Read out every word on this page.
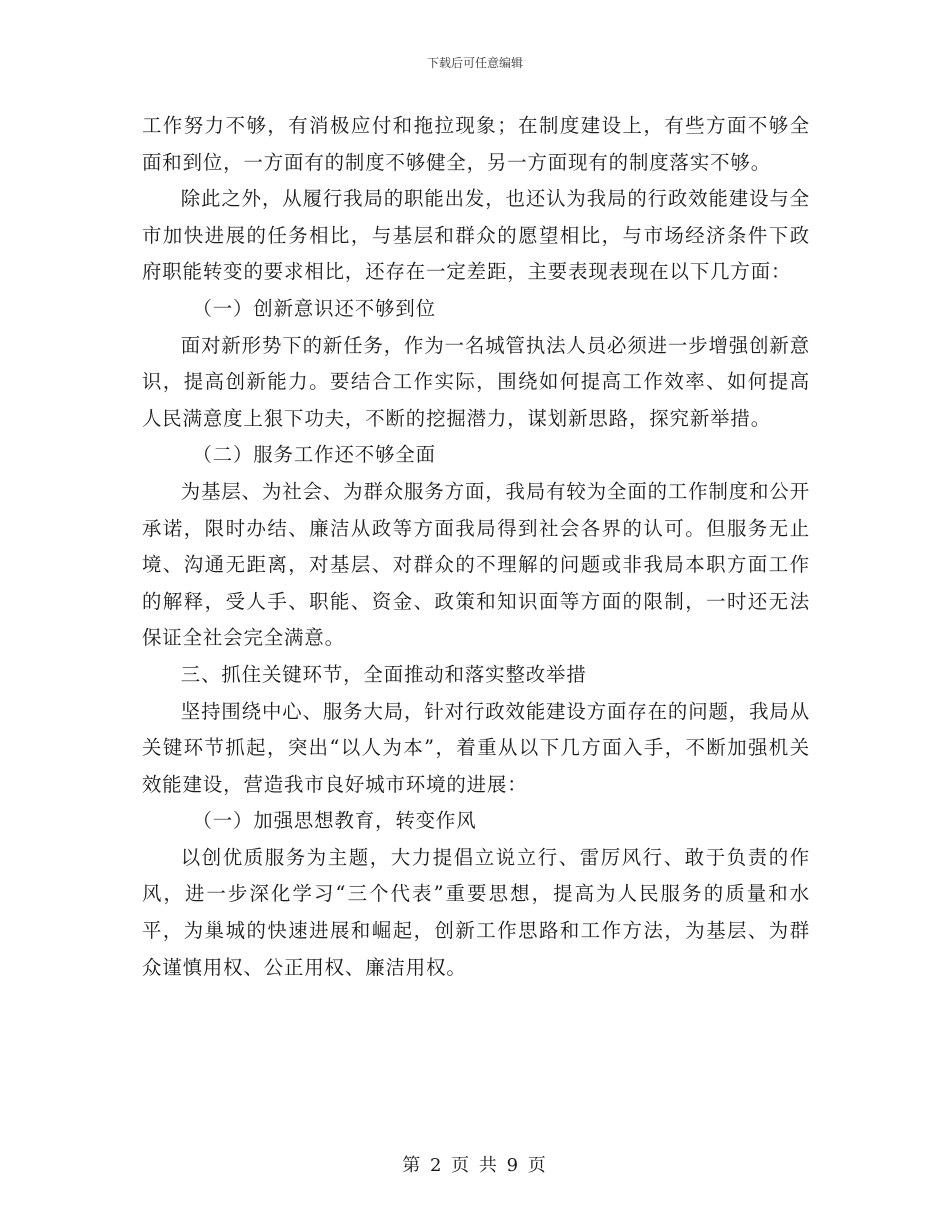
下载后可任意编辑

工作努力不够，有消极应付和拖拉现象；在制度建设上，有些方面不够全面和到位，一方面有的制度不够健全，另一方面现有的制度落实不够。

除此之外，从履行我局的职能出发，也还认为我局的行政效能建设与全市加快进展的任务相比，与基层和群众的愿望相比，与市场经济条件下政府职能转变的要求相比，还存在一定差距，主要表现表现在以下几方面：

（一）创新意识还不够到位

面对新形势下的新任务，作为一名城管执法人员必须进一步增强创新意识，提高创新能力。要结合工作实际，围绕如何提高工作效率、如何提高人民满意度上狠下功夫，不断的挖掘潜力，谋划新思路，探究新举措。

（二）服务工作还不够全面

为基层、为社会、为群众服务方面，我局有较为全面的工作制度和公开承诺，限时办结、廉洁从政等方面我局得到社会各界的认可。但服务无止境、沟通无距离，对基层、对群众的不理解的问题或非我局本职方面工作的解释，受人手、职能、资金、政策和知识面等方面的限制，一时还无法保证全社会完全满意。

三、抓住关键环节，全面推动和落实整改举措

坚持围绕中心、服务大局，针对行政效能建设方面存在的问题，我局从关键环节抓起，突出“以人为本”，着重从以下几方面入手，不断加强机关效能建设，营造我市良好城市环境的进展：

（一）加强思想教育，转变作风

以创优质服务为主题，大力提倡立说立行、雷厉风行、敢于负责的作风，进一步深化学习“三个代表”重要思想，提高为人民服务的质量和水平，为巢城的快速进展和崛起，创新工作思路和工作方法，为基层、为群众谨慎用权、公正用权、廉洁用权。

第 2 页 共 9 页
